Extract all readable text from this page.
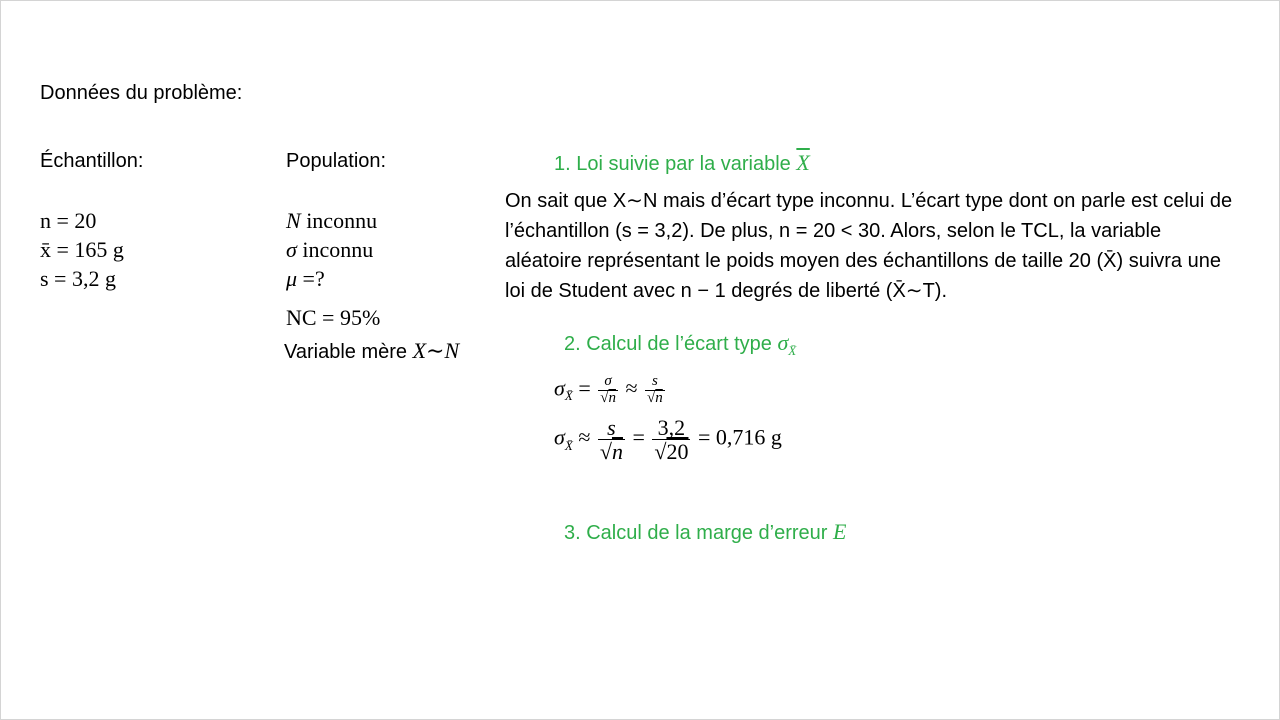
Données du problème:
Échantillon:
n = 20
x̄ = 165 g
s = 3,2 g
Population:
N inconnu
σ inconnu
μ =?
NC = 95%
Variable mère X∼N
1. Loi suivie par la variable $\overline{X}$
On sait que X∼N mais d’écart type inconnu. L’écart type dont on parle est celui de l’échantillon (s = 3,2). De plus, n = 20 < 30. Alors, selon le TCL, la variable aléatoire représentant le poids moyen des échantillons de taille 20 (X̄) suivra une loi de Student avec n − 1 degrés de liberté (X̄∼T).
2. Calcul de l’écart type $\sigma_{X̄}$
$\sigma_{X̄} = \sigma$
√ $\overline{n} \approx s$
√ $\overline{n}$
$\sigma_{X̄} \approx s$
√ $\overline{n} = 3,2$
√ 20 = 0,716 g
3. Calcul de la marge d’erreur E
